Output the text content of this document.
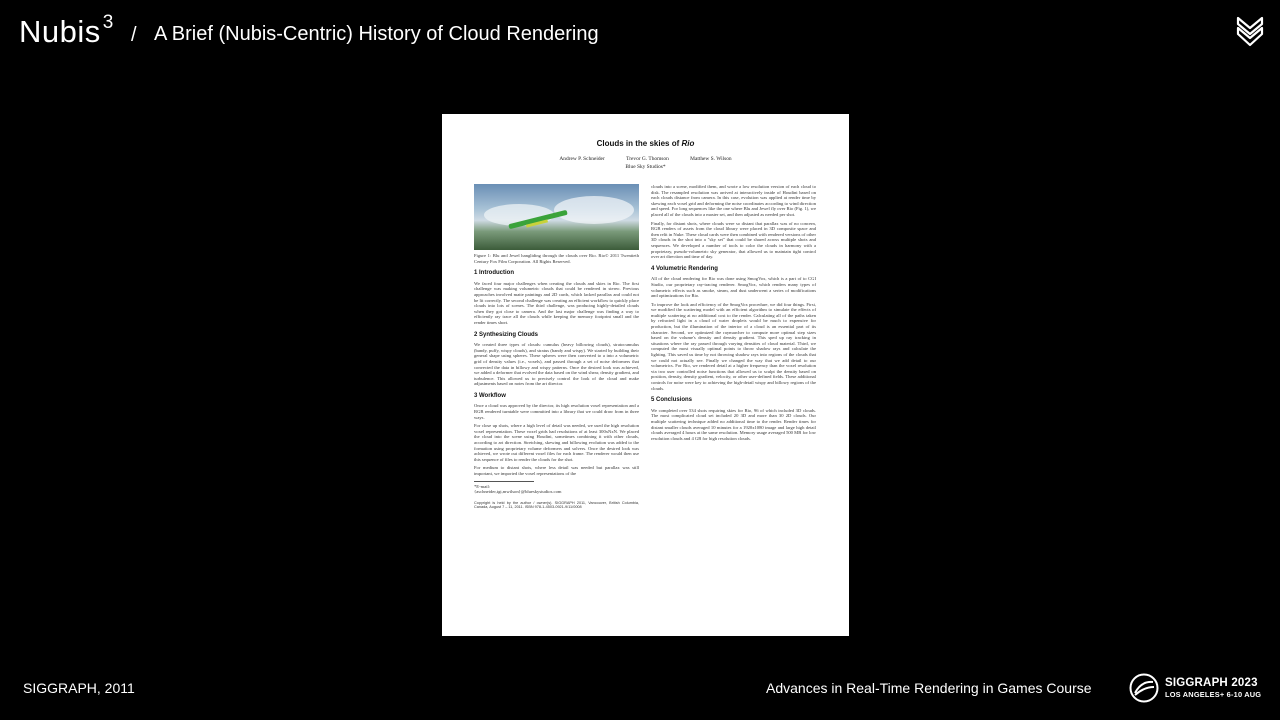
Nubis $^3$
/ A Brief (Nubis-Centric) History of Cloud Rendering
Clouds in the skies of Rio
Andrew P. Schneider	Trevor G. Thomson	Matthew S. Wilson
Blue Sky Studios*
Figure 1: Blu and Jewel hangliding through the clouds over Rio. Rio© 2011 Twentieth Century Fox Film Corporation. All Rights Reserved.
1 Introduction

We faced four major challenges when creating the clouds and skies in Rio. The first challenge was making volumetric clouds that could be rendered in stereo. Previous approaches involved matte paintings and 2D cards, which lacked parallax and could not be lit correctly. The second challenge was creating an efficient workflow to quickly place clouds into lots of scenes. The third challenge, was producing highly-detailed clouds when they got close to camera. And the last major challenge was finding a way to efficiently ray trace all the clouds while keeping the memory footprint small and the render times short.

2 Synthesizing Clouds

We created three types of clouds: cumulus (heavy billowing clouds), stratocumulus (bandy, puffy, wispy clouds), and stratus (bandy and wispy). We started by building their general shape using spheres. These spheres were then converted to a into a volumetric grid of density values (i.e., voxels), and passed through a set of noise deformers that convected the data in billowy and wispy patterns. Once the desired look was achieved, we added a deformer that evolved the data based on the wind shear, density gradient, and turbulence. This allowed us to precisely control the look of the cloud and make adjustments based on notes from the art director.

3 Workflow

Once a cloud was approved by the director, its high resolution voxel representation and a RGB rendered turntable were committed into a library that we could draw from in three ways.

For close up shots, where a high level of detail was needed, we used the high resolution voxel representation. These voxel grids had resolutions of at least 300xNxN. We placed the cloud into the scene using Houdini, sometimes combining it with other clouds, according to art direction. Stretching, skewing and billowing evolution was added to the formation using proprietary volume deformers and solvers. Once the desired look was achieved, we wrote out different voxel files for each frame. The renderer would then use this sequence of files to render the clouds for the shot.

For medium to distant shots, where less detail was needed but parallax was still important, we imported the voxel representations of the

*E-mail: {aschneider,tgt,mwilson}@blueskystudios.com
Copyright is held by the author / owner(s). SIGGRAPH 2011, Vancouver, British Columbia, Canada, August 7 – 11, 2011. ISBN 978-1-4503-0921-9/11/0008

clouds into a scene, modified them, and wrote a low resolution version of each cloud to disk. The resampled resolution was arrived at interactively inside of Houdini based on each clouds distance from camera. In this case, evolution was applied at render time by skewing each voxel grid and deforming the noise coordinates according to wind direction and speed. For long sequences like the one where Blu and Jewel fly over Rio (Fig. 1), we placed all of the clouds into a master set, and then adjusted as needed per shot.

Finally, for distant shots, where clouds were so distant that parallax was of no concern, RGB renders of assets from the cloud library were placed in 3D composite space and then relit in Nuke. These cloud cards were then combined with rendered versions of other 3D clouds in the shot into a "sky set" that could be shared across multiple shots and sequences. We developed a number of tools to color the clouds in harmony with a proprietary, pseudo-volumetric sky generator, that allowed us to maintain tight control over art direction and time of day.

4 Volumetric Rendering

All of the cloud rendering for Rio was done using SmogVox, which is a part of to CGI Studio, our proprietary ray-tracing renderer. SmogVox, which renders many types of volumetric effects such as smoke, steam, and dust underwent a series of modifications and optimizations for Rio.

To improve the look and efficiency of the SmogVox procedure, we did four things. First, we modified the scattering model with an efficient algorithm to simulate the effects of multiple scattering at no additional cost to the render. Calculating all of the paths taken by refracted light in a cloud of water droplets would be much to expensive for production, but the illumination of the interior of a cloud is an essential part of its character. Second, we optimized the raymarcher to compute more optimal step sizes based on the volume's density and density gradient. This sped up ray tracking in situations where the ray passed through varying densities of cloud material. Third, we computed the most visually optimal points to throw shadow rays and calculate the lighting. This saved us time by not throwing shadow rays into regions of the clouds that we could not actually see. Finally we changed the way that we add detail to our volumetrics. For Rio, we rendered detail at a higher frequency than the voxel resolution via two user controlled noise functions that allowed us to sculpt the density based on position, density, density gradient, velocity, or other user-defined fields. These additional controls for noise were key to achieving the high-detail wispy and billowy regions of the clouds.

5 Conclusions

We completed over 534 shots requiring skies for Rio, 96 of which included 3D clouds. The most complicated cloud set included 20 3D and more than 30 2D clouds. Our multiple scattering technique added no additional time to the render. Render times for distant smaller clouds averaged 10 minutes for a 1920x1080 image and large high detail clouds averaged 4 hours at the same resolution. Memory usage averaged 500 MB for low resolution clouds and 4 GB for high resolution clouds.

SIGGRAPH, 2011	Advances in Real-Time Rendering in Games Course	SIGGRAPH 2023
LOS ANGELES+ 6-10 AUG
